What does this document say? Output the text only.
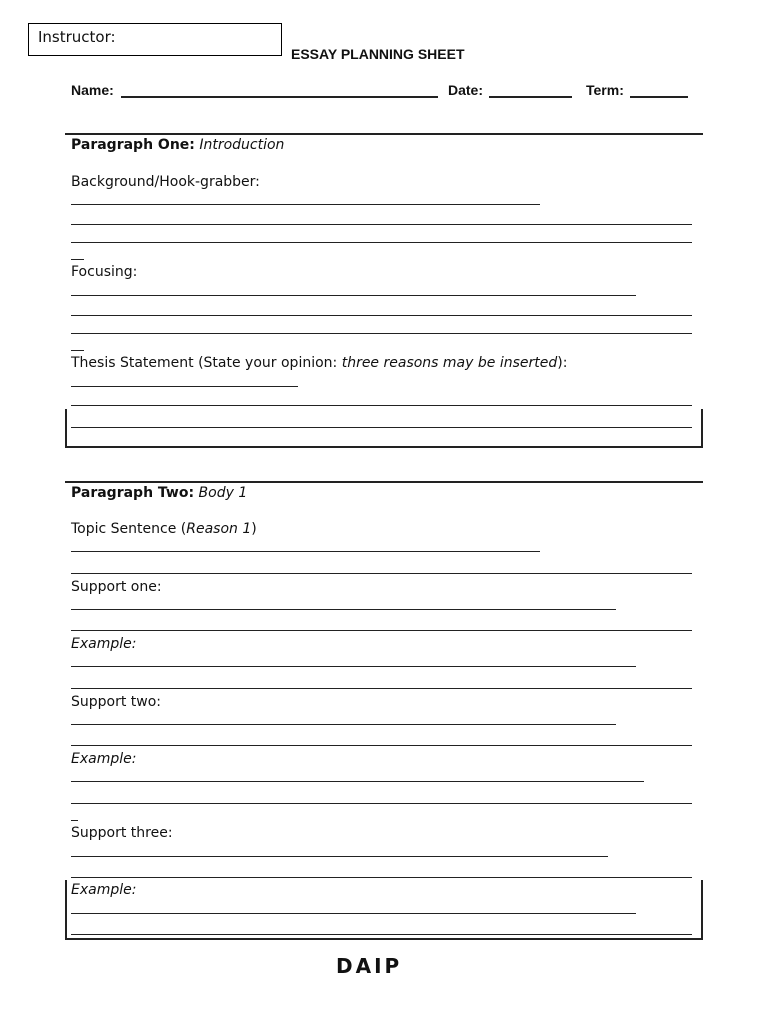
Instructor:
ESSAY PLANNING SHEET
Name:	Date:	Term:
Paragraph One: Introduction
Background/Hook-grabber:
Focusing:
Thesis Statement (State your opinion: three reasons may be inserted):
Paragraph Two: Body 1
Topic Sentence (Reason 1)
Support one:
Example:
Support two:
Example:
Support three:
Example:
DAIP
